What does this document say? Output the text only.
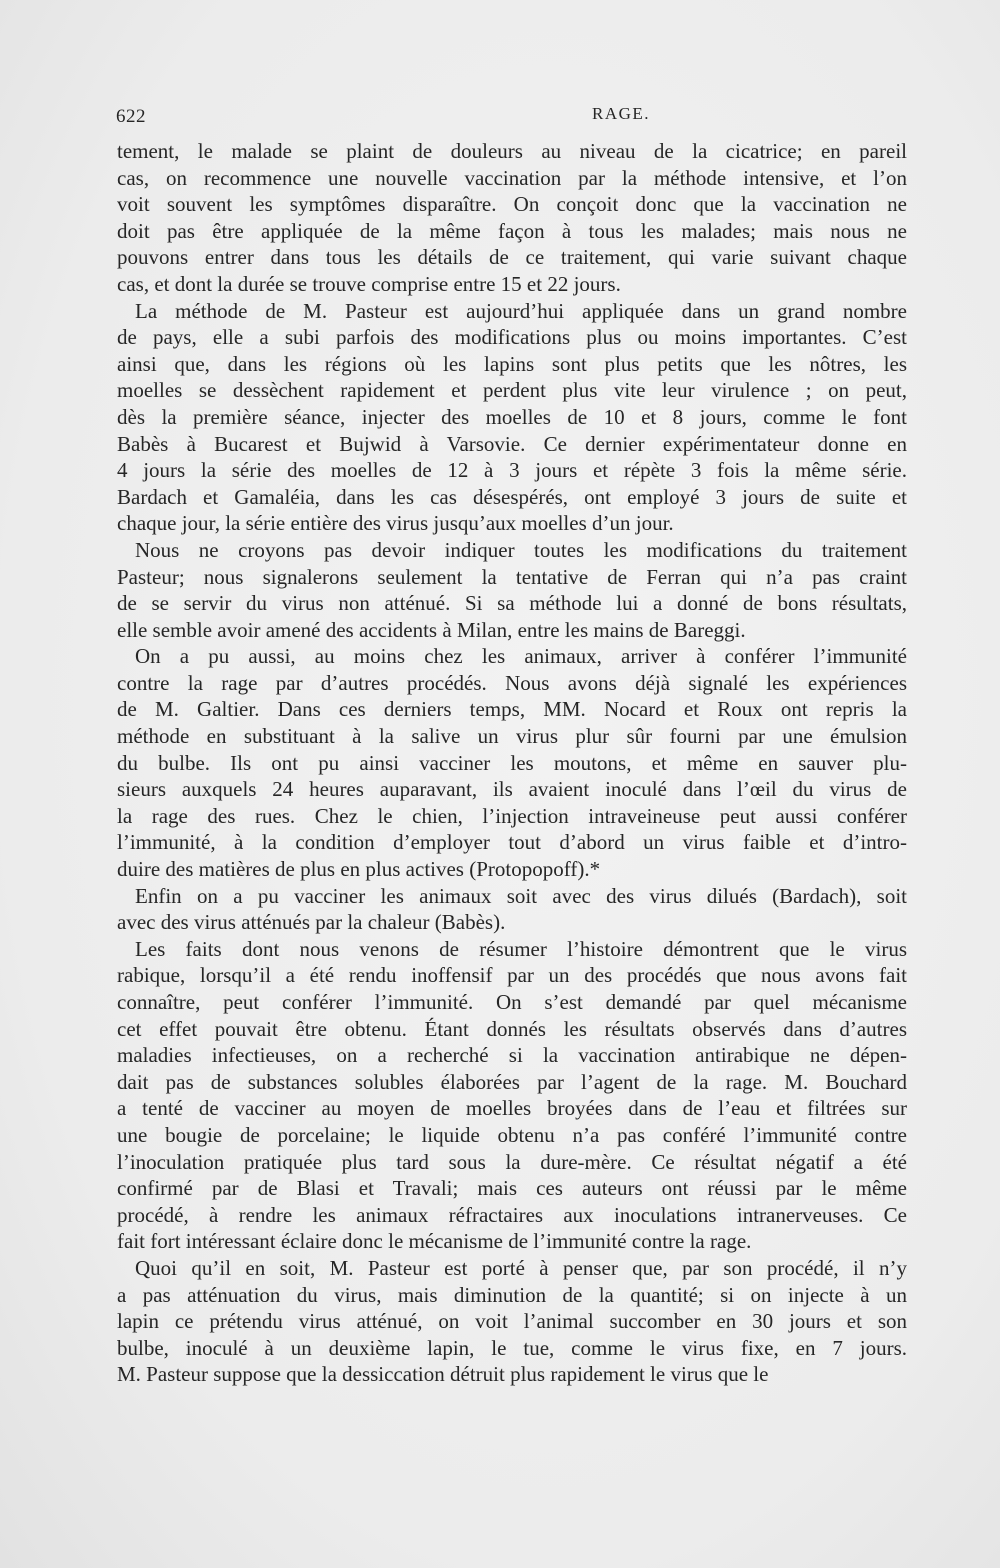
622	RAGE.
tement, le malade se plaint de douleurs au niveau de la cicatrice; en pareil
cas, on recommence une nouvelle vaccination par la méthode intensive, et l’on
voit souvent les symptômes disparaître. On conçoit donc que la vaccination ne
doit pas être appliquée de la même façon à tous les malades; mais nous ne
pouvons entrer dans tous les détails de ce traitement, qui varie suivant chaque
cas, et dont la durée se trouve comprise entre 15 et 22 jours.
La méthode de M. Pasteur est aujourd’hui appliquée dans un grand nombre
de pays, elle a subi parfois des modifications plus ou moins importantes. C’est
ainsi que, dans les régions où les lapins sont plus petits que les nôtres, les
moelles se dessèchent rapidement et perdent plus vite leur virulence ; on peut,
dès la première séance, injecter des moelles de 10 et 8 jours, comme le font
Babès à Bucarest et Bujwid à Varsovie. Ce dernier expérimentateur donne en
4 jours la série des moelles de 12 à 3 jours et répète 3 fois la même série.
Bardach et Gamaléia, dans les cas désespérés, ont employé 3 jours de suite et
chaque jour, la série entière des virus jusqu’aux moelles d’un jour.
Nous ne croyons pas devoir indiquer toutes les modifications du traitement
Pasteur; nous signalerons seulement la tentative de Ferran qui n’a pas craint
de se servir du virus non atténué. Si sa méthode lui a donné de bons résultats,
elle semble avoir amené des accidents à Milan, entre les mains de Bareggi.
On a pu aussi, au moins chez les animaux, arriver à conférer l’immunité
contre la rage par d’autres procédés. Nous avons déjà signalé les expériences
de M. Galtier. Dans ces derniers temps, MM. Nocard et Roux ont repris la
méthode en substituant à la salive un virus plur sûr fourni par une émulsion
du bulbe. Ils ont pu ainsi vacciner les moutons, et même en sauver plu-
sieurs auxquels 24 heures auparavant, ils avaient inoculé dans l’œil du virus de
la rage des rues. Chez le chien, l’injection intraveineuse peut aussi conférer
l’immunité, à la condition d’employer tout d’abord un virus faible et d’intro-
duire des matières de plus en plus actives (Protopopoff).*
Enfin on a pu vacciner les animaux soit avec des virus dilués (Bardach), soit
avec des virus atténués par la chaleur (Babès).
Les faits dont nous venons de résumer l’histoire démontrent que le virus
rabique, lorsqu’il a été rendu inoffensif par un des procédés que nous avons fait
connaître, peut conférer l’immunité. On s’est demandé par quel mécanisme
cet effet pouvait être obtenu. Étant donnés les résultats observés dans d’autres
maladies infectieuses, on a recherché si la vaccination antirabique ne dépen-
dait pas de substances solubles élaborées par l’agent de la rage. M. Bouchard
a tenté de vacciner au moyen de moelles broyées dans de l’eau et filtrées sur
une bougie de porcelaine; le liquide obtenu n’a pas conféré l’immunité contre
l’inoculation pratiquée plus tard sous la dure-mère. Ce résultat négatif a été
confirmé par de Blasi et Travali; mais ces auteurs ont réussi par le même
procédé, à rendre les animaux réfractaires aux inoculations intranerveuses. Ce
fait fort intéressant éclaire donc le mécanisme de l’immunité contre la rage.
Quoi qu’il en soit, M. Pasteur est porté à penser que, par son procédé, il n’y
a pas atténuation du virus, mais diminution de la quantité; si on injecte à un
lapin ce prétendu virus atténué, on voit l’animal succomber en 30 jours et son
bulbe, inoculé à un deuxième lapin, le tue, comme le virus fixe, en 7 jours.
M. Pasteur suppose que la dessiccation détruit plus rapidement le virus que le
